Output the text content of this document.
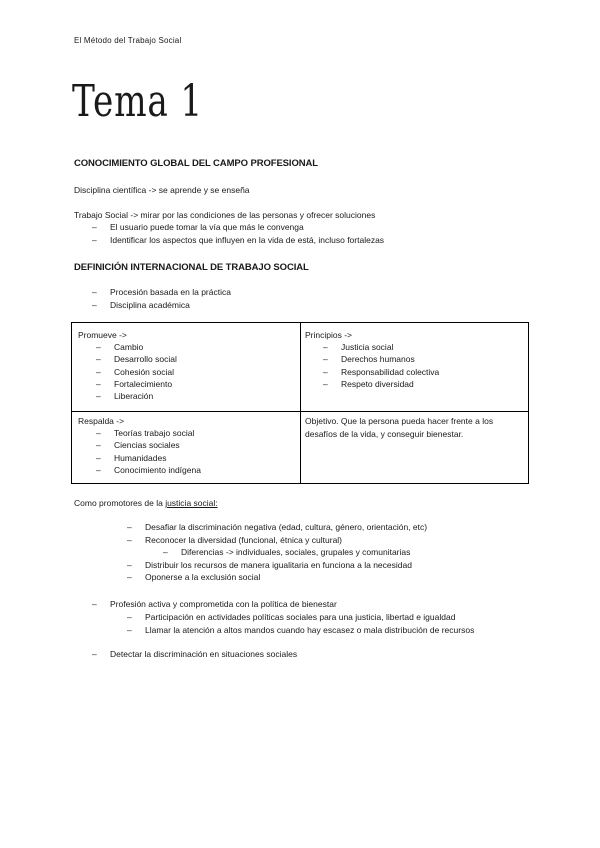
El Método del Trabajo Social
Tema 1
CONOCIMIENTO GLOBAL DEL CAMPO PROFESIONAL
Disciplina científica -> se aprende y se enseña
Trabajo Social -> mirar por las condiciones de las personas y ofrecer soluciones
– El usuario puede tomar la vía que más le convenga
– Identificar los aspectos que influyen en la vida de está, incluso fortalezas
DEFINICIÓN INTERNACIONAL DE TRABAJO SOCIAL
– Procesión basada en la práctica
– Disciplina académica
Promueve ->
– Cambio
– Desarrollo social
– Cohesión social
– Fortalecimiento
– Liberación
Principios ->
– Justicia social
– Derechos humanos
– Responsabilidad colectiva
– Respeto diversidad
Respalda ->
– Teorías trabajo social
– Ciencias sociales
– Humanidades
– Conocimiento indígena
Objetivo. Que la persona pueda hacer frente a los
desafíos de la vida, y conseguir bienestar.
Como promotores de la justicia social:
– Desafiar la discriminación negativa (edad, cultura, género, orientación, etc)
– Reconocer la diversidad (funcional, étnica y cultural)
– Diferencias -> individuales, sociales, grupales y comunitarias
– Distribuir los recursos de manera igualitaria en funciona a la necesidad
– Oponerse a la exclusión social
– Profesión activa y comprometida con la política de bienestar
– Participación en actividades políticas sociales para una justicia, libertad e igualdad
– Llamar la atención a altos mandos cuando hay escasez o mala distribución de recursos
– Detectar la discriminación en situaciones sociales
